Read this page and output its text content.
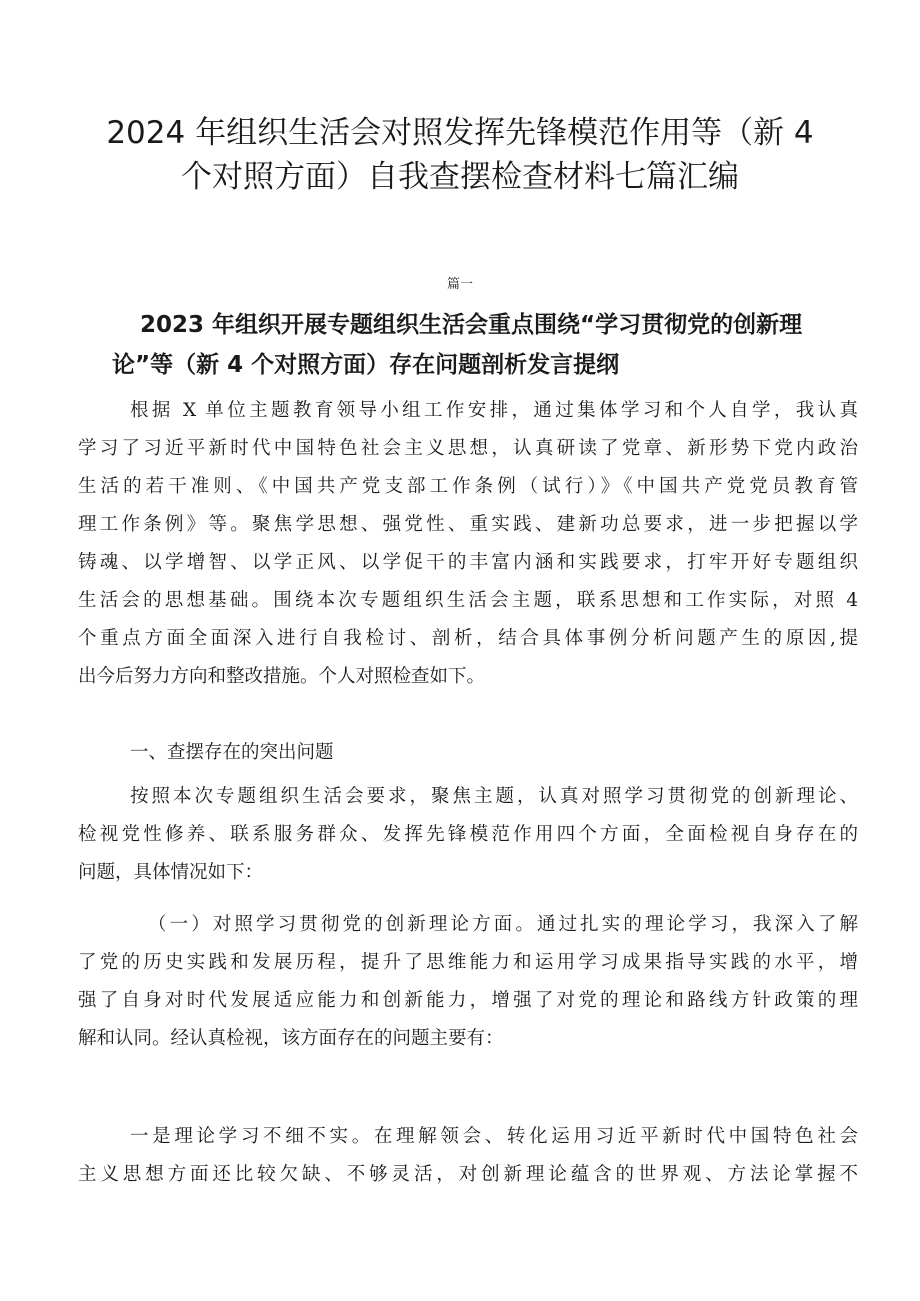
2024 年组织生活会对照发挥先锋模范作用等（新 4
个对照方面）自我查摆检查材料七篇汇编
篇一
2023 年组织开展专题组织生活会重点围绕“学习贯彻党的创新理
论”等（新 4 个对照方面）存在问题剖析发言提纲
根据 X 单位主题教育领导小组工作安排，通过集体学习和个人自学，我认真
学习了习近平新时代中国特色社会主义思想，认真研读了党章、新形势下党内政治
生活的若干准则、《中国共产党支部工作条例（试行）》《中国共产党党员教育管
理工作条例》等。聚焦学思想、强党性、重实践、建新功总要求，进一步把握以学
铸魂、以学增智、以学正风、以学促干的丰富内涵和实践要求，打牢开好专题组织
生活会的思想基础。围绕本次专题组织生活会主题，联系思想和工作实际，对照 4
个重点方面全面深入进行自我检讨、剖析，结合具体事例分析问题产生的原因,提
出今后努力方向和整改措施。个人对照检查如下。
一、查摆存在的突出问题
按照本次专题组织生活会要求，聚焦主题，认真对照学习贯彻党的创新理论、
检视党性修养、联系服务群众、发挥先锋模范作用四个方面，全面检视自身存在的
问题，具体情况如下：
（一）对照学习贯彻党的创新理论方面。通过扎实的理论学习，我深入了解
了党的历史实践和发展历程，提升了思维能力和运用学习成果指导实践的水平，增
强了自身对时代发展适应能力和创新能力，增强了对党的理论和路线方针政策的理
解和认同。经认真检视，该方面存在的问题主要有：
一是理论学习不细不实。在理解领会、转化运用习近平新时代中国特色社会
主义思想方面还比较欠缺、不够灵活，对创新理论蕴含的世界观、方法论掌握不
